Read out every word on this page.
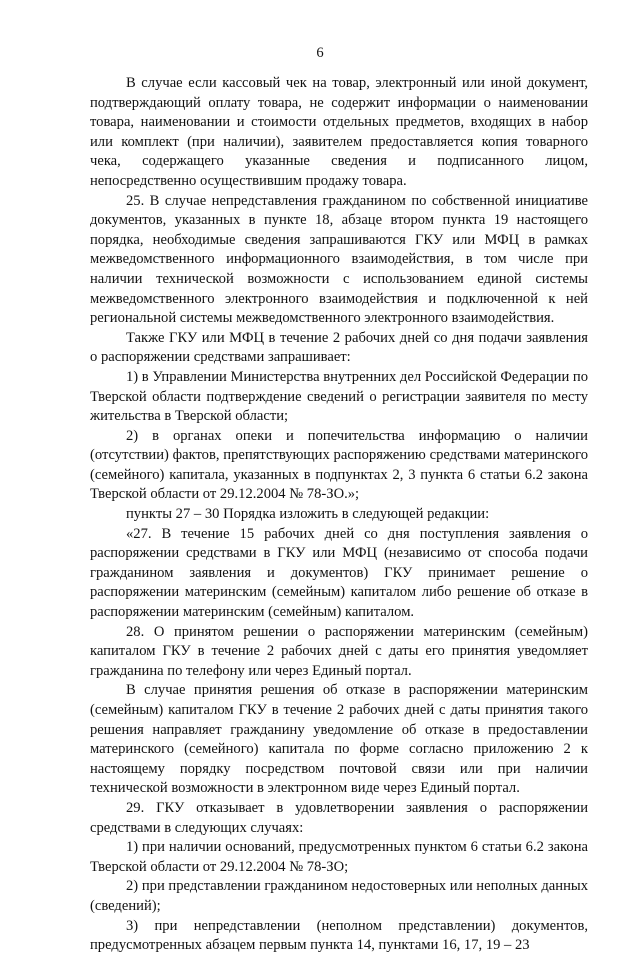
6

В случае если кассовый чек на товар, электронный или иной документ, подтверждающий оплату товара, не содержит информации о наименовании товара, наименовании и стоимости отдельных предметов, входящих в набор или комплект (при наличии), заявителем предоставляется копия товарного чека, содержащего указанные сведения и подписанного лицом, непосредственно осуществившим продажу товара.

25. В случае непредставления гражданином по собственной инициативе документов, указанных в пункте 18, абзаце втором пункта 19 настоящего порядка, необходимые сведения запрашиваются ГКУ или МФЦ в рамках межведомственного информационного взаимодействия, в том числе при наличии технической возможности с использованием единой системы межведомственного электронного взаимодействия и подключенной к ней региональной системы межведомственного электронного взаимодействия.

Также ГКУ или МФЦ в течение 2 рабочих дней со дня подачи заявления о распоряжении средствами запрашивает:

1) в Управлении Министерства внутренних дел Российской Федерации по Тверской области подтверждение сведений о регистрации заявителя по месту жительства в Тверской области;

2) в органах опеки и попечительства информацию о наличии (отсутствии) фактов, препятствующих распоряжению средствами материнского (семейного) капитала, указанных в подпунктах 2, 3 пункта 6 статьи 6.2 закона Тверской области от 29.12.2004 № 78-ЗО.»;

пункты 27 – 30 Порядка изложить в следующей редакции:

«27. В течение 15 рабочих дней со дня поступления заявления о распоряжении средствами в ГКУ или МФЦ (независимо от способа подачи гражданином заявления и документов) ГКУ принимает решение о распоряжении материнским (семейным) капиталом либо решение об отказе в распоряжении материнским (семейным) капиталом.

28. О принятом решении о распоряжении материнским (семейным) капиталом ГКУ в течение 2 рабочих дней с даты его принятия уведомляет гражданина по телефону или через Единый портал.

В случае принятия решения об отказе в распоряжении материнским (семейным) капиталом ГКУ в течение 2 рабочих дней с даты принятия такого решения направляет гражданину уведомление об отказе в предоставлении материнского (семейного) капитала по форме согласно приложению 2 к настоящему порядку посредством почтовой связи или при наличии технической возможности в электронном виде через Единый портал.

29. ГКУ отказывает в удовлетворении заявления о распоряжении средствами в следующих случаях:

1) при наличии оснований, предусмотренных пунктом 6 статьи 6.2 закона Тверской области от 29.12.2004 № 78-ЗО;

2) при представлении гражданином недостоверных или неполных данных (сведений);

3) при непредставлении (неполном представлении) документов, предусмотренных абзацем первым пункта 14, пунктами 16, 17, 19 – 23
